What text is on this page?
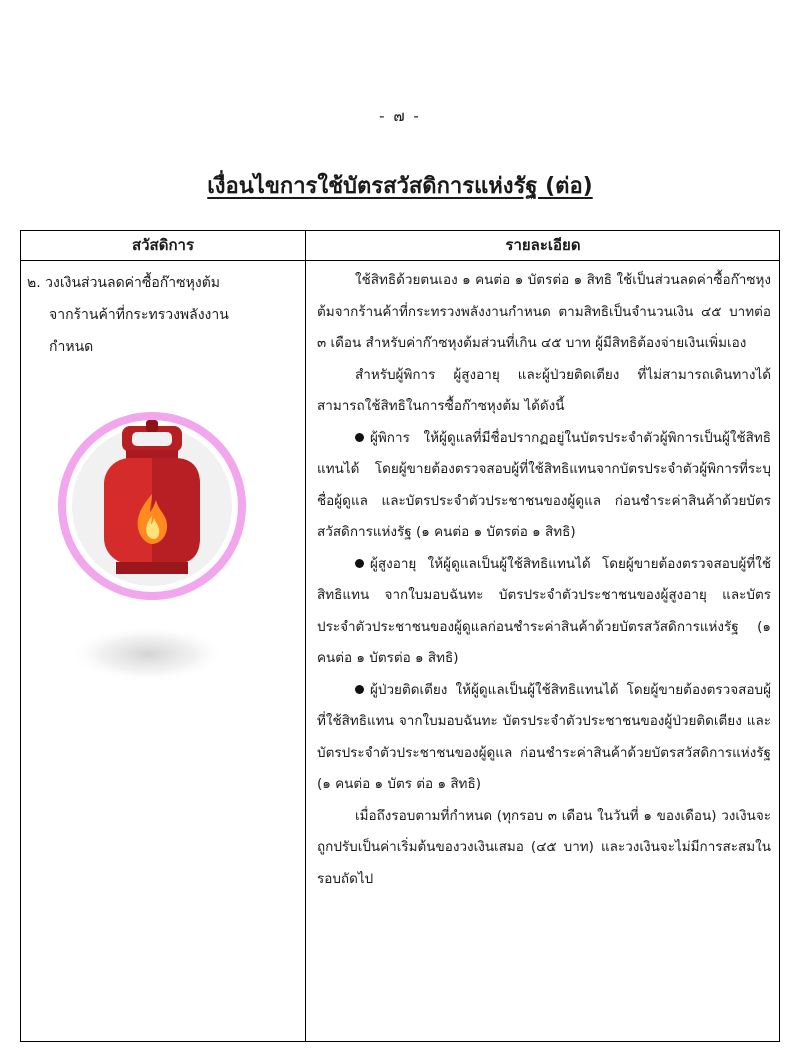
- ๗ -
เงื่อนไขการใช้บัตรสวัสดิการแห่งรัฐ (ต่อ)
สวัสดิการ	รายละเอียด
๒. วงเงินส่วนลดค่าซื้อก๊าซหุงต้ม
จากร้านค้าที่กระทรวงพลังงาน
กำหนด

ใช้สิทธิด้วยตนเอง ๑ คนต่อ ๑ บัตรต่อ ๑ สิทธิ ใช้เป็นส่วนลดค่าซื้อก๊าซหุงต้มจากร้านค้าที่กระทรวงพลังงานกำหนด ตามสิทธิเป็นจำนวนเงิน ๔๕ บาทต่อ ๓ เดือน สำหรับค่าก๊าซหุงต้มส่วนที่เกิน ๔๕ บาท ผู้มีสิทธิต้องจ่ายเงินเพิ่มเอง

สำหรับผู้พิการ ผู้สูงอายุ และผู้ป่วยติดเตียง ที่ไม่สามารถเดินทางได้ สามารถใช้สิทธิในการซื้อก๊าซหุงต้ม ได้ดังนี้

ผู้พิการ ให้ผู้ดูแลที่มีชื่อปรากฏอยู่ในบัตรประจำตัวผู้พิการเป็นผู้ใช้สิทธิแทนได้ โดยผู้ขายต้องตรวจสอบผู้ที่ใช้สิทธิแทนจากบัตรประจำตัวผู้พิการที่ระบุชื่อผู้ดูแล และบัตรประจำตัวประชาชนของผู้ดูแล ก่อนชำระค่าสินค้าด้วยบัตรสวัสดิการแห่งรัฐ (๑ คนต่อ ๑ บัตรต่อ ๑ สิทธิ)

ผู้สูงอายุ ให้ผู้ดูแลเป็นผู้ใช้สิทธิแทนได้ โดยผู้ขายต้องตรวจสอบผู้ที่ใช้สิทธิแทน จากใบมอบฉันทะ บัตรประจำตัวประชาชนของผู้สูงอายุ และบัตรประจำตัวประชาชนของผู้ดูแลก่อนชำระค่าสินค้าด้วยบัตรสวัสดิการแห่งรัฐ (๑ คนต่อ ๑ บัตรต่อ ๑ สิทธิ)

ผู้ป่วยติดเตียง ให้ผู้ดูแลเป็นผู้ใช้สิทธิแทนได้ โดยผู้ขายต้องตรวจสอบผู้ที่ใช้สิทธิแทน จากใบมอบฉันทะ บัตรประจำตัวประชาชนของผู้ป่วยติดเตียง และบัตรประจำตัวประชาชนของผู้ดูแล ก่อนชำระค่าสินค้าด้วยบัตรสวัสดิการแห่งรัฐ (๑ คนต่อ ๑ บัตร ต่อ ๑ สิทธิ)

เมื่อถึงรอบตามที่กำหนด (ทุกรอบ ๓ เดือน ในวันที่ ๑ ของเดือน) วงเงินจะถูกปรับเป็นค่าเริ่มต้นของวงเงินเสมอ (๔๕ บาท) และวงเงินจะไม่มีการสะสมในรอบถัดไป
